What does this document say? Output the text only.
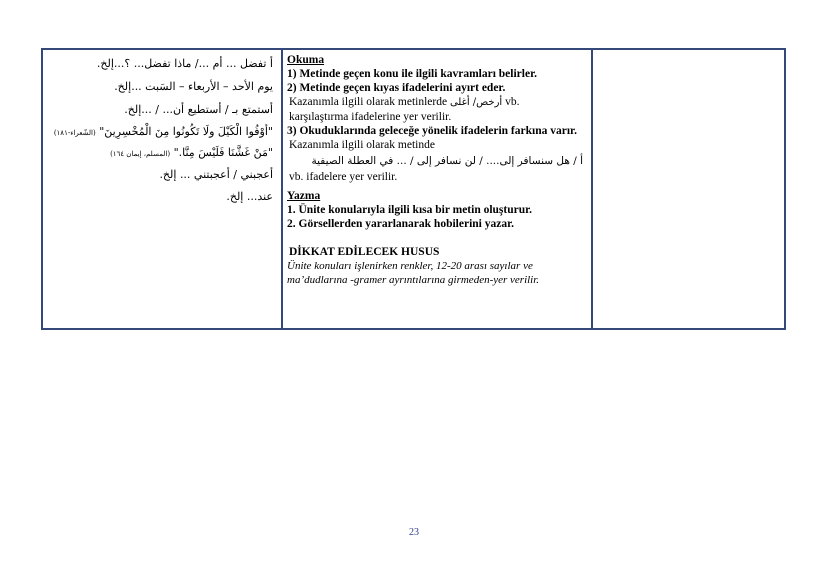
أ تفضل ... أم .../ ماذا تفضل... ؟...إلخ.
يوم الأحد – الأربعاء – السَبت ...إلخ.
أستمتع بـ / أستطيع أن... / ...إلخ.
"أوْفُوا الْكَيْلَ ولَا تَكُونُوا مِنَ الْمُخْسِرِينَ" (الشّعراء-١٨١)
"مَنْ غَشَّنَا فَلَيْسَ مِنَّا." (المسلم، إيمان ١٦٤)
أعجبني / أعجبتني ... إلخ.
عند... إلخ.
Okuma
1) Metinde geçen konu ile ilgili kavramları belirler.
2) Metinde geçen kıyas ifadelerini ayırt eder.
Kazanımla ilgili olarak metinlerde أرخص/ أغلى vb.
karşılaştırma ifadelerine yer verilir.
3) Okuduklarında geleceğe yönelik ifadelerin farkına varır.
Kazanımla ilgili olarak metinde
أ / هل سنسافر إلى.... / لن نسافر إلى / ... في العطلة الصيفية
vb. ifadelere yer verilir.
Yazma
1. Ünite konularıyla ilgili kısa bir metin oluşturur.
2. Görsellerden yararlanarak hobilerini yazar.
DİKKAT EDİLECEK HUSUS
Ünite konuları işlenirken renkler, 12-20 arası sayılar ve ma’dudlarına -gramer ayrıntılarına girmeden-yer verilir.
23
